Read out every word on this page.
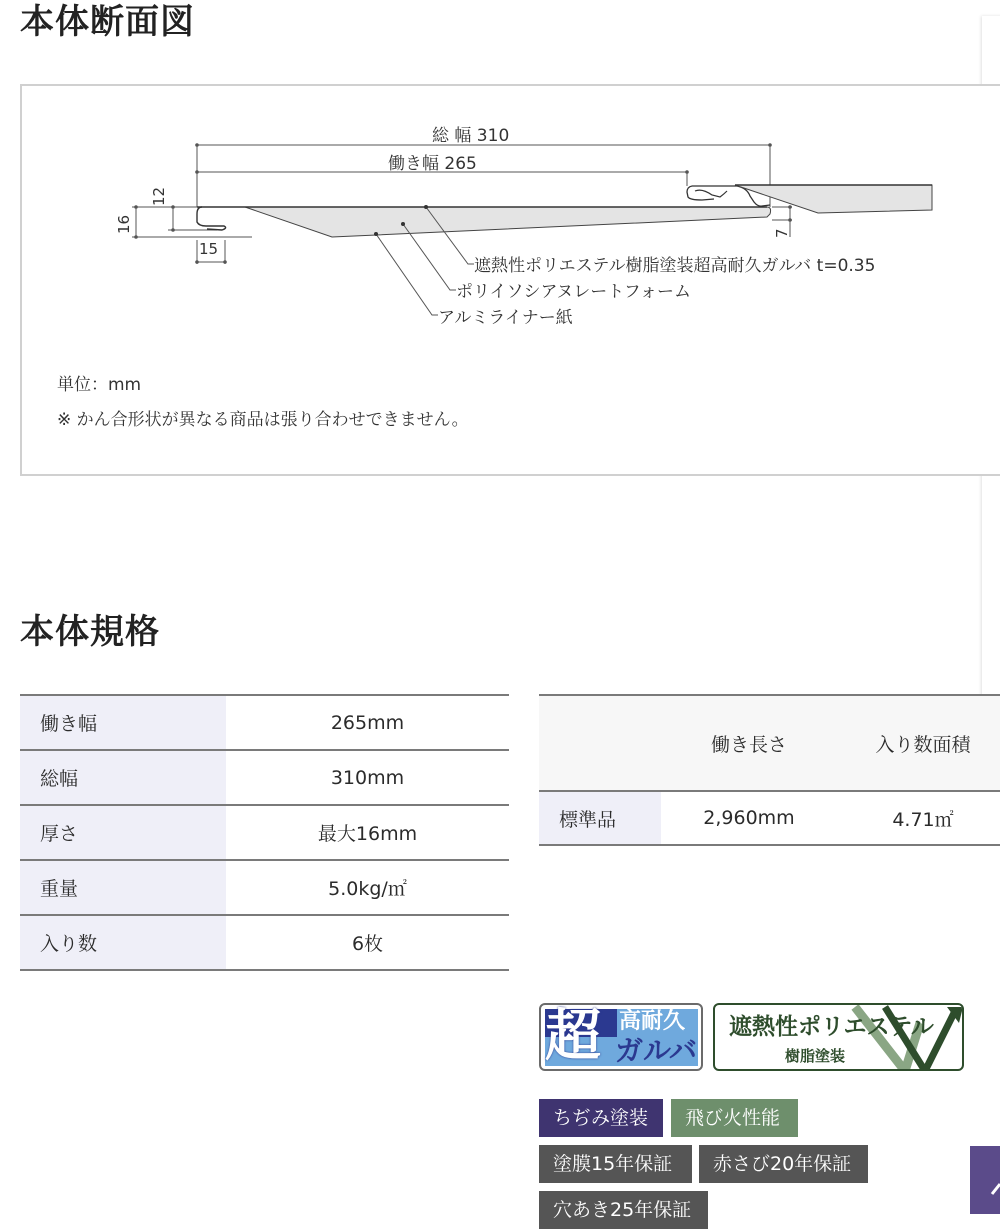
本体断面図
総 幅 310
働き幅 265
12
16
15
7
遮熱性ポリエステル樹脂塗装超高耐久ガルバ t=0.35
ポリイソシアヌレートフォーム
アルミライナー紙
単位：mm
※ かん合形状が異なる商品は張り合わせできません。
本体規格
働き幅	265mm
総幅	310mm
厚さ	最大16mm
重量	5.0kg/㎡
入り数	6枚
	働き長さ	入り数面積
標準品	2,960mm	4.71㎡
超 高耐久
ガルバ
遮熱性ポリエステル
樹脂塗装
ちぢみ塗装	飛び火性能
塗膜15年保証	赤さび20年保証
穴あき25年保証
